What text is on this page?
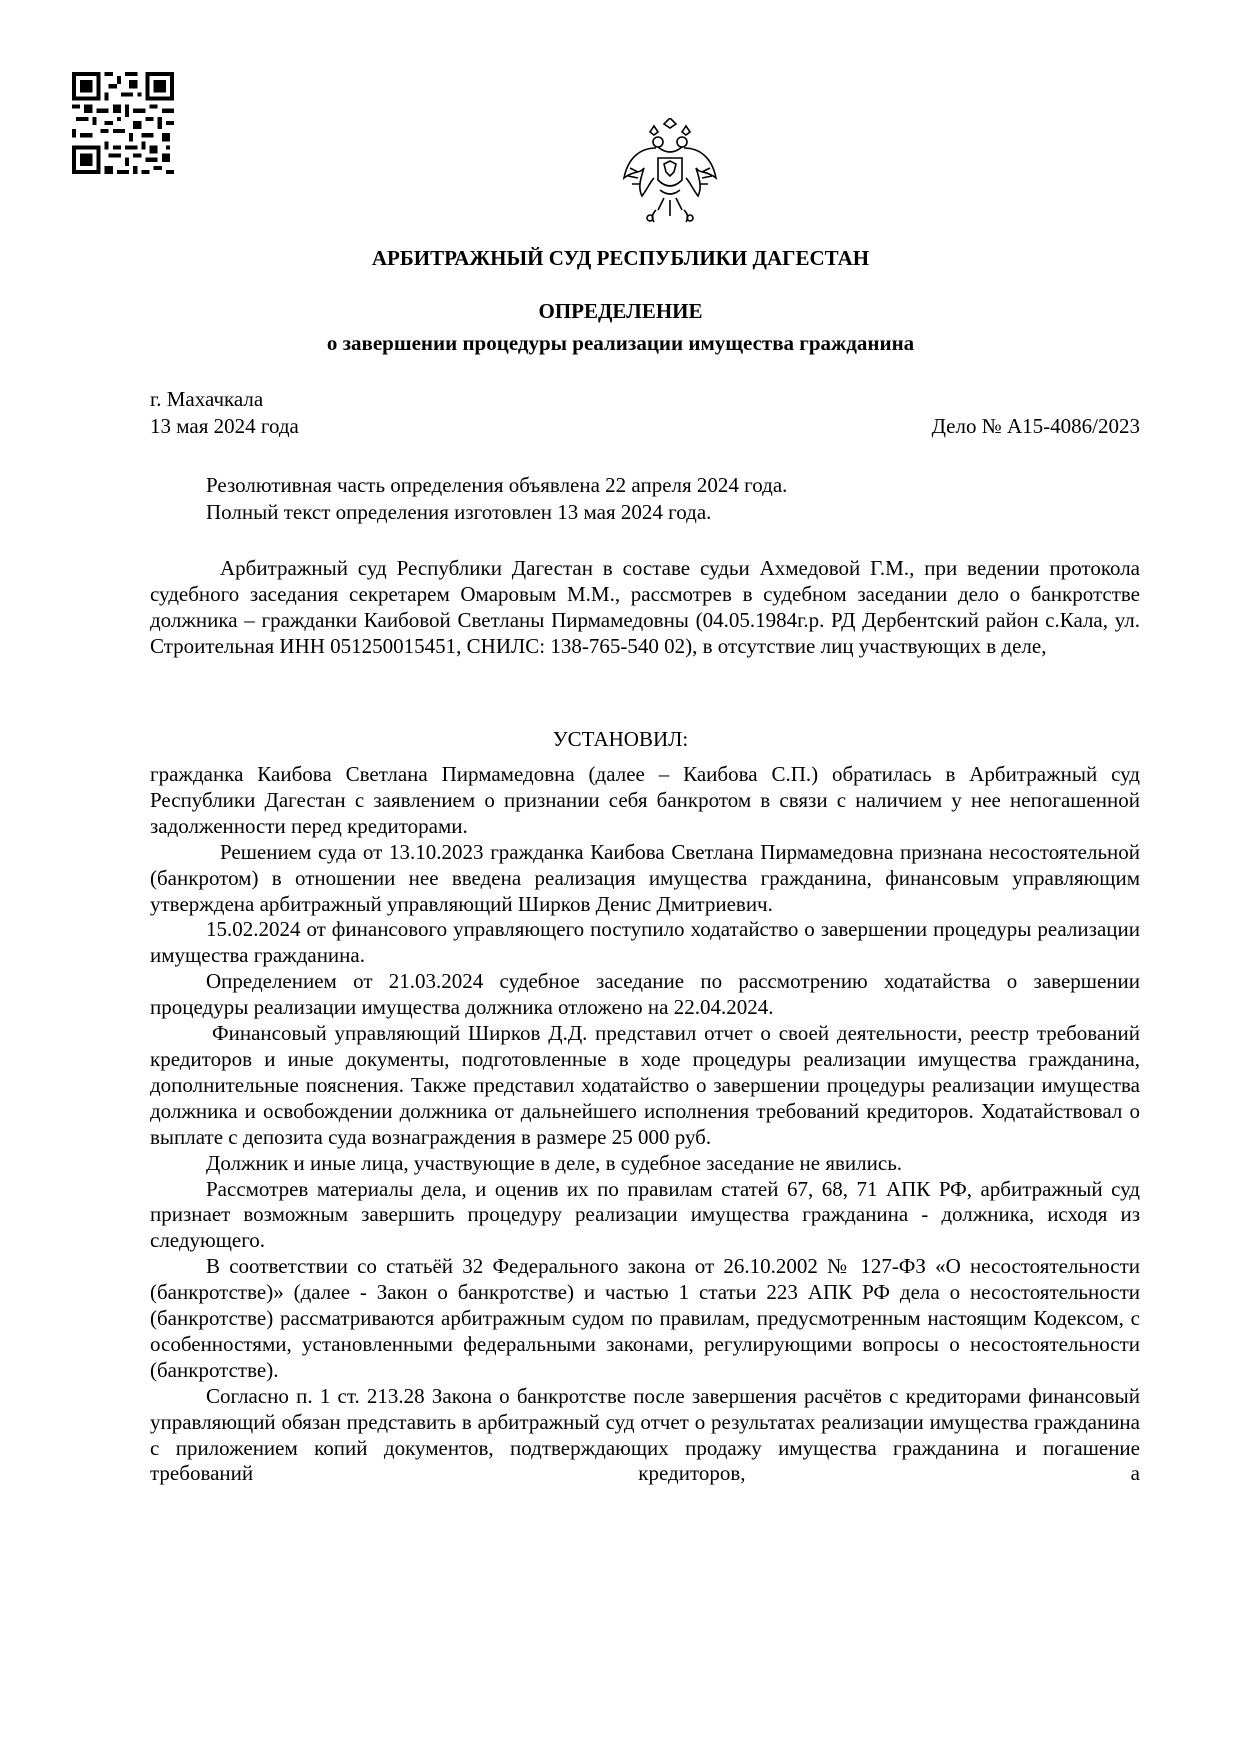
АРБИТРАЖНЫЙ СУД РЕСПУБЛИКИ ДАГЕСТАН
ОПРЕДЕЛЕНИЕ
о завершении процедуры реализации имущества гражданина
г. Махачкала
13 мая 2024 года	Дело № А15-4086/2023
Резолютивная часть определения объявлена 22 апреля 2024 года.
Полный текст определения изготовлен 13 мая 2024 года.
Арбитражный суд Республики Дагестан в составе судьи Ахмедовой Г.М., при ведении протокола судебного заседания секретарем Омаровым М.М., рассмотрев в судебном заседании дело о банкротстве должника – гражданки Каибовой Светланы Пирмамедовны (04.05.1984г.р. РД Дербентский район с.Кала, ул. Строительная ИНН 051250015451, СНИЛС: 138-765-540 02), в отсутствие лиц участвующих в деле,
УСТАНОВИЛ:

гражданка Каибова Светлана Пирмамедовна (далее – Каибова С.П.) обратилась в Арбитражный суд Республики Дагестан с заявлением о признании себя банкротом в связи с наличием у нее непогашенной задолженности перед кредиторами.

Решением суда от 13.10.2023 гражданка Каибова Светлана Пирмамедовна признана несостоятельной (банкротом) в отношении нее введена реализация имущества гражданина, финансовым управляющим утверждена арбитражный управляющий Ширков Денис Дмитриевич.

15.02.2024 от финансового управляющего поступило ходатайство о завершении процедуры реализации имущества гражданина.

Определением от 21.03.2024 судебное заседание по рассмотрению ходатайства о завершении процедуры реализации имущества должника отложено на 22.04.2024.

Финансовый управляющий Ширков Д.Д. представил отчет о своей деятельности, реестр требований кредиторов и иные документы, подготовленные в ходе процедуры реализации имущества гражданина, дополнительные пояснения. Также представил ходатайство о завершении процедуры реализации имущества должника и освобождении должника от дальнейшего исполнения требований кредиторов. Ходатайствовал о выплате с депозита суда вознаграждения в размере 25 000 руб.

Должник и иные лица, участвующие в деле, в судебное заседание не явились.

Рассмотрев материалы дела, и оценив их по правилам статей 67, 68, 71 АПК РФ, арбитражный суд признает возможным завершить процедуру реализации имущества гражданина - должника, исходя из следующего.

В соответствии со статьёй 32 Федерального закона от 26.10.2002 № 127-ФЗ «О несостоятельности (банкротстве)» (далее - Закон о банкротстве) и частью 1 статьи 223 АПК РФ дела о несостоятельности (банкротстве) рассматриваются арбитражным судом по правилам, предусмотренным настоящим Кодексом, с особенностями, установленными федеральными законами, регулирующими вопросы о несостоятельности (банкротстве).

Согласно п. 1 ст. 213.28 Закона о банкротстве после завершения расчётов с кредиторами финансовый управляющий обязан представить в арбитражный суд отчет о результатах реализации имущества гражданина с приложением копий документов, подтверждающих продажу имущества гражданина и погашение требований кредиторов, а
